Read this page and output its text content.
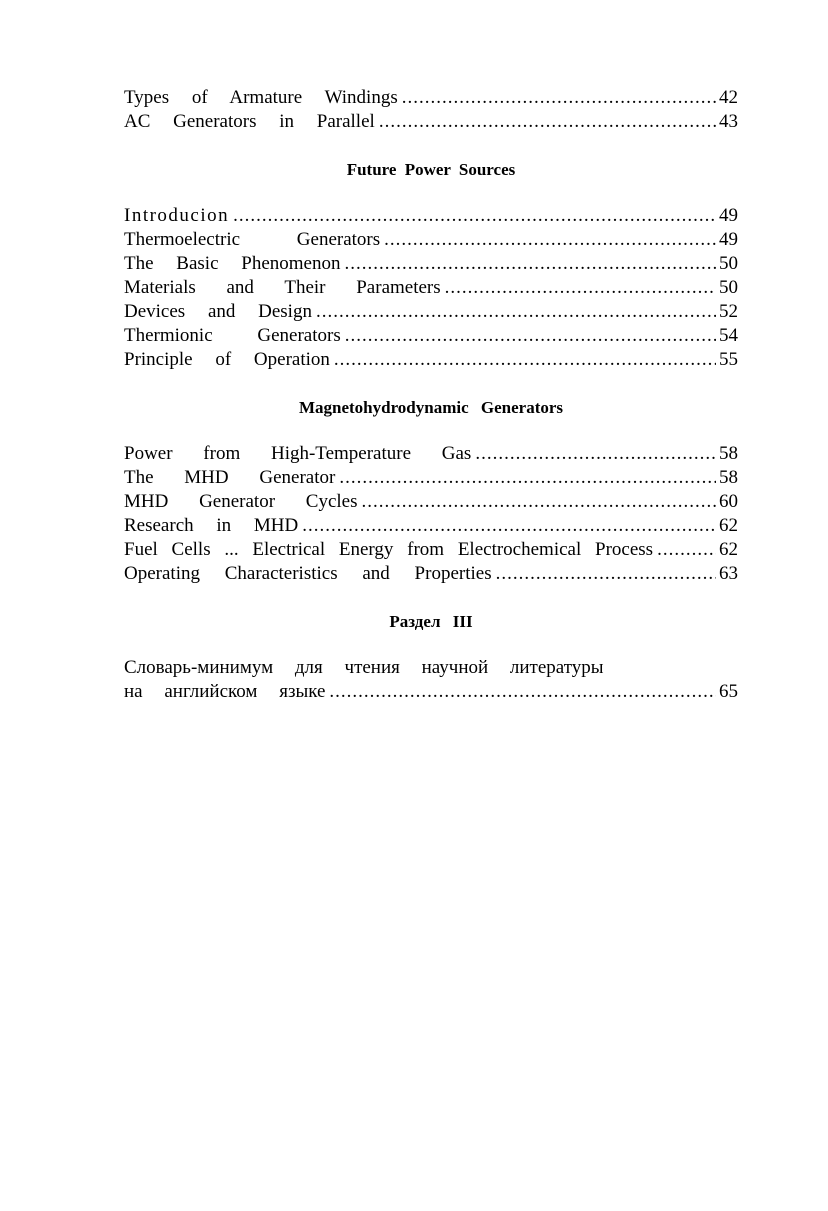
Types of Armature Windings .....	42
AC Generators in Parallel .....	43
Future Power Sources
Introducion .....	49
Thermoelectric Generators .....	49
The Basic Phenomenon .....	50
Materials and Their Parameters .....	50
Devices and Design .....	52
Thermionic Generators .....	54
Principle of Operation .....	55
Magnetohydrodynamic Generators
Power from High-Temperature Gas .....	58
The MHD Generator .....	58
MHD Generator Cycles .....	60
Research in MHD .....	62
Fuel Cells ... Electrical Energy from Electrochemical Process .....	62
Operating Characteristics and Properties .....	63
Раздел III
Словарь-минимум для чтения научной литературы
на английском языке .....	65
